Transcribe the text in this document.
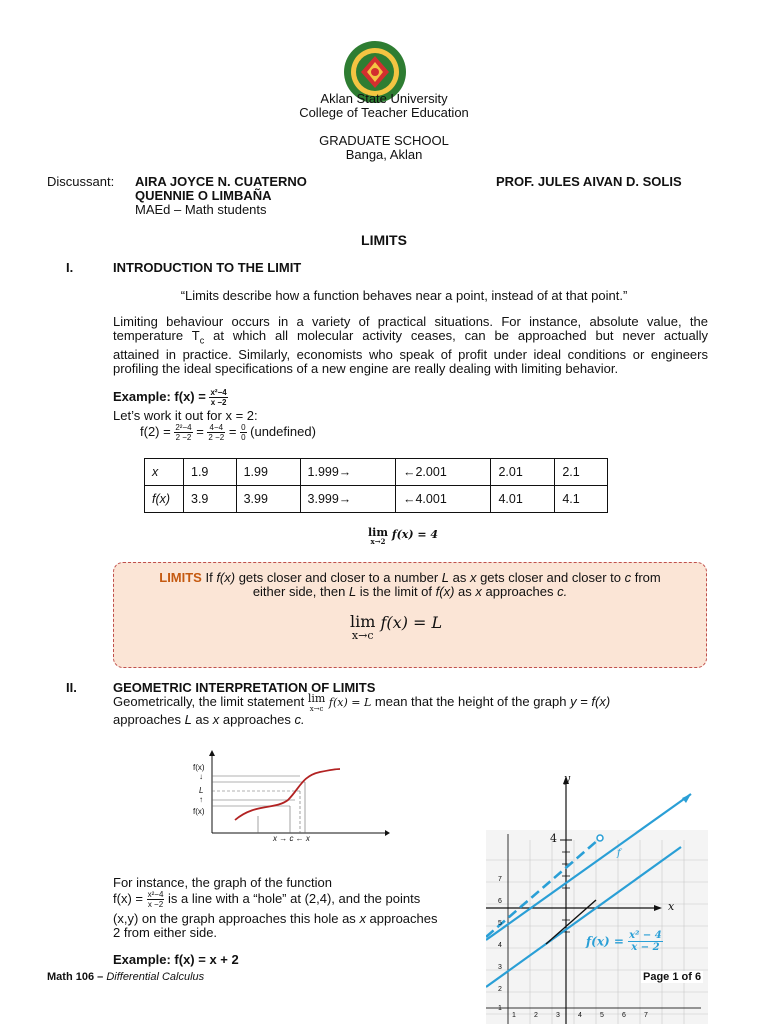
Aklan State University
College of Teacher Education
GRADUATE SCHOOL
Banga, Aklan
Discussant: AIRA JOYCE N. CUATERNO
QUENNIE O LIMBAÑA
MAEd – Math students
PROF. JULES AIVAN D. SOLIS
LIMITS
I.	INTRODUCTION TO THE LIMIT
“Limits describe how a function behaves near a point, instead of at that point.”
Limiting behaviour occurs in a variety of practical situations. For instance, absolute value, the
temperature $T_c$ at which all molecular activity ceases, can be approached but never actually
attained in practice. Similarly, economists who speak of profit under ideal conditions or engineers
profiling the ideal specifications of a new engine are really dealing with limiting behavior.
Example: $f(x) = \frac{\text{x²−4}}{x -2}$
Let’s work it out for x = 2:
$f(2) = \frac{\text{2²−4}}{2 -2} = \frac{4-4}{2 -2} = \frac{0}{0}$ (undefined)
x	1.9	1.99	1.999→	←2.001	2.01	2.1
f(x)	3.9	3.99	3.999→	←4.001	4.01	4.1
lim
x→2
f(x) = 4
LIMITS If f(x) gets closer and closer to a number L as x gets closer and closer to c from
either side, then L is the limit of f(x) as x approaches c.
lim
x→c
f(x) = L
II.	GEOMETRIC INTERPRETATION OF LIMITS
Geometrically, the limit statement lim
x→c f(x) = L mean that the height of the graph y = f(x)
approaches L as x approaches c.
f(x)
↓
L
↑
f(x)
x → c ← x
For instance, the graph of the function
$f(x) = \frac{\text{x²−4}}{x -2}$ is a line with a “hole” at (2,4), and the points
(x,y) on the graph approaches this hole as x approaches
2 from either side.
Example: f(x) = x + 2
y
4
x
f
$f(x) = \frac{\text{x² − 4}}{x - 2}$
7
6
5
4
3
2
1
1	2	3	4	5	6	7
Math 106 – Differential Calculus	Page 1 of 6
